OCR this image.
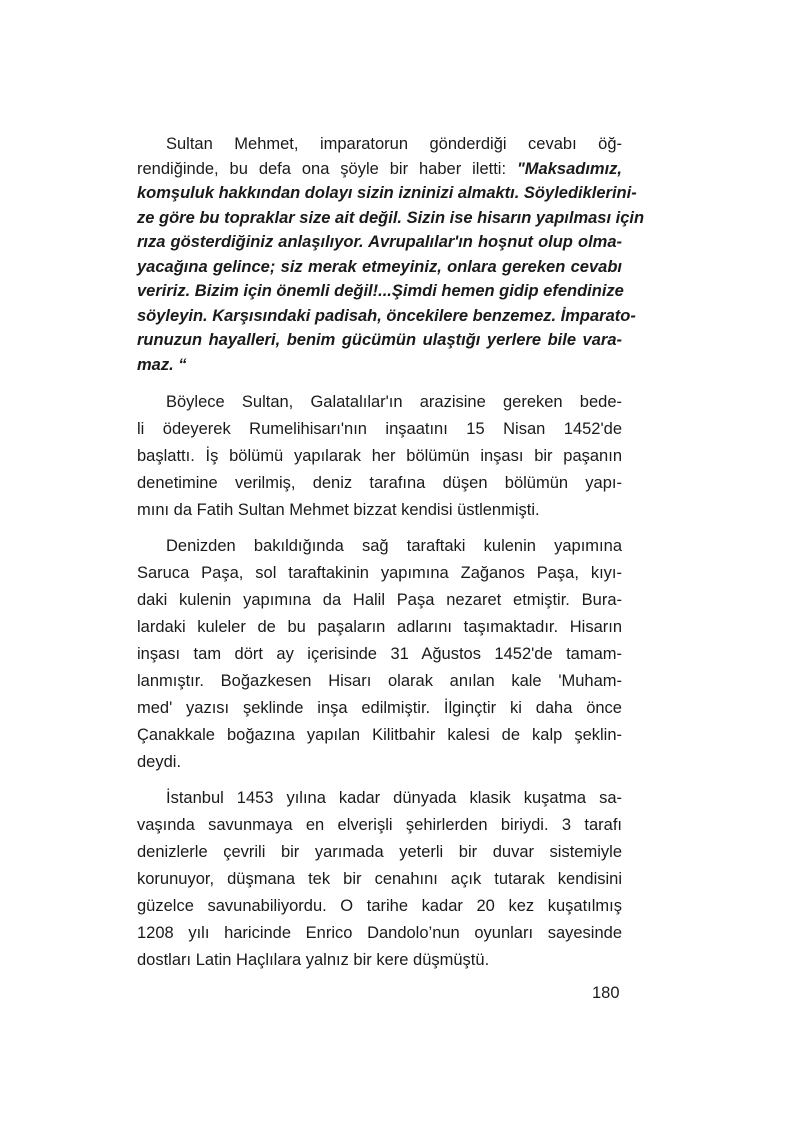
Sultan Mehmet, imparatorun gönderdiği cevabı öğ-
rendiğinde, bu defa ona şöyle bir haber iletti: "Maksadımız,
komşuluk hakkından dolayı sizin izninizi almaktı. Söylediklerini-
ze göre bu topraklar size ait değil. Sizin ise hisarın yapılması için
rıza gösterdiğiniz anlaşılıyor. Avrupalılar'ın hoşnut olup olma-
yacağına gelince; siz merak etmeyiniz, onlara gereken cevabı
veririz. Bizim için önemli değil!...Şimdi hemen gidip efendinize
söyleyin. Karşısındaki padisah, öncekilere benzemez. İmparato-
runuzun hayalleri, benim gücümün ulaştığı yerlere bile vara-
maz. “
Böylece Sultan, Galatalılar'ın arazisine gereken bede-
li ödeyerek Rumelihisarı'nın inşaatını 15 Nisan 1452'de
başlattı. İş bölümü yapılarak her bölümün inşası bir paşanın
denetimine verilmiş, deniz tarafına düşen bölümün yapı-
mını da Fatih Sultan Mehmet bizzat kendisi üstlenmişti.
Denizden bakıldığında sağ taraftaki kulenin yapımına
Saruca Paşa, sol taraftakinin yapımına Zağanos Paşa, kıyı-
daki kulenin yapımına da Halil Paşa nezaret etmiştir. Bura-
lardaki kuleler de bu paşaların adlarını taşımaktadır. Hisarın
inşası tam dört ay içerisinde 31 Ağustos 1452'de tamam-
lanmıştır. Boğazkesen Hisarı olarak anılan kale 'Muham-
med' yazısı şeklinde inşa edilmiştir. İlginçtir ki daha önce
Çanakkale boğazına yapılan Kilitbahir kalesi de kalp şeklin-
deydi.
İstanbul 1453 yılına kadar dünyada klasik kuşatma sa-
vaşında savunmaya en elverişli şehirlerden biriydi. 3 tarafı
denizlerle çevrili bir yarımada yeterli bir duvar sistemiyle
korunuyor, düşmana tek bir cenahını açık tutarak kendisini
güzelce savunabiliyordu. O tarihe kadar 20 kez kuşatılmış
1208 yılı haricinde Enrico Dandolo’nun oyunları sayesinde
dostları Latin Haçlılara yalnız bir kere düşmüştü.
180
